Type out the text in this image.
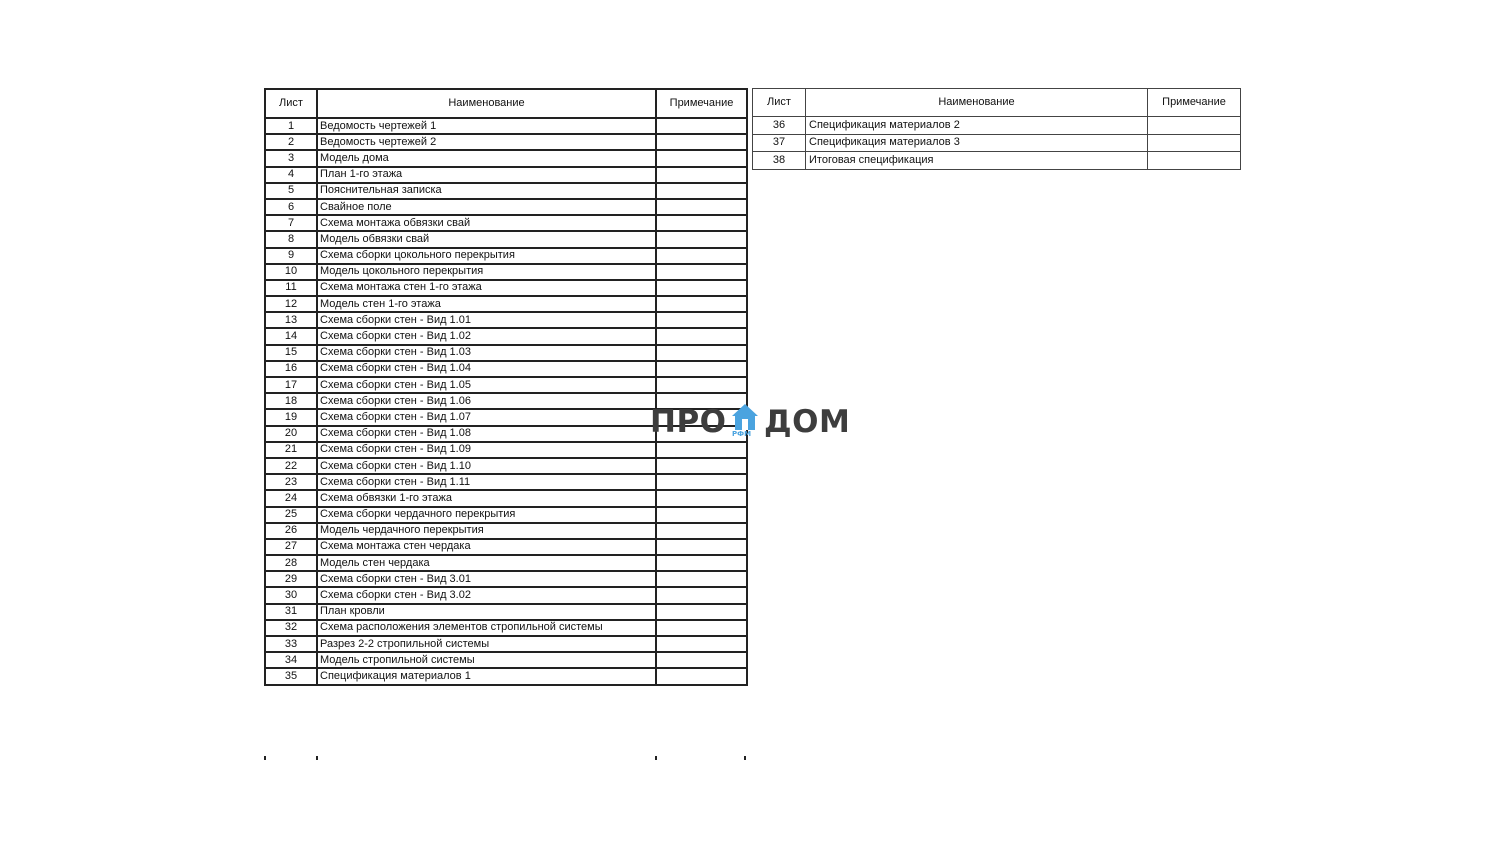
Лист	Наименование	Примечание
1	Ведомость чертежей 1	
2	Ведомость чертежей 2	
3	Модель дома	
4	План 1-го этажа	
5	Пояснительная записка	
6	Свайное поле	
7	Схема монтажа обвязки свай	
8	Модель обвязки свай	
9	Схема сборки цокольного перекрытия	
10	Модель цокольного перекрытия	
11	Схема монтажа стен 1-го этажа	
12	Модель стен 1-го этажа	
13	Схема сборки стен - Вид 1.01	
14	Схема сборки стен - Вид 1.02	
15	Схема сборки стен - Вид 1.03	
16	Схема сборки стен - Вид 1.04	
17	Схема сборки стен - Вид 1.05	
18	Схема сборки стен - Вид 1.06	
19	Схема сборки стен - Вид 1.07	
20	Схема сборки стен - Вид 1.08	
21	Схема сборки стен - Вид 1.09	
22	Схема сборки стен - Вид 1.10	
23	Схема сборки стен - Вид 1.11	
24	Схема обвязки 1-го этажа	
25	Схема сборки чердачного перекрытия	
26	Модель чердачного перекрытия	
27	Схема монтажа стен чердака	
28	Модель стен чердака	
29	Схема сборки стен - Вид 3.01	
30	Схема сборки стен - Вид 3.02	
31	План кровли	
32	Схема расположения элементов стропильной системы	
33	Разрез 2-2 стропильной системы	
34	Модель стропильной системы	
35	Спецификация материалов 1	
Лист	Наименование	Примечание
36	Спецификация материалов 2	
37	Спецификация материалов 3	
38	Итоговая спецификация	
ПРО РФМ ДОМ
